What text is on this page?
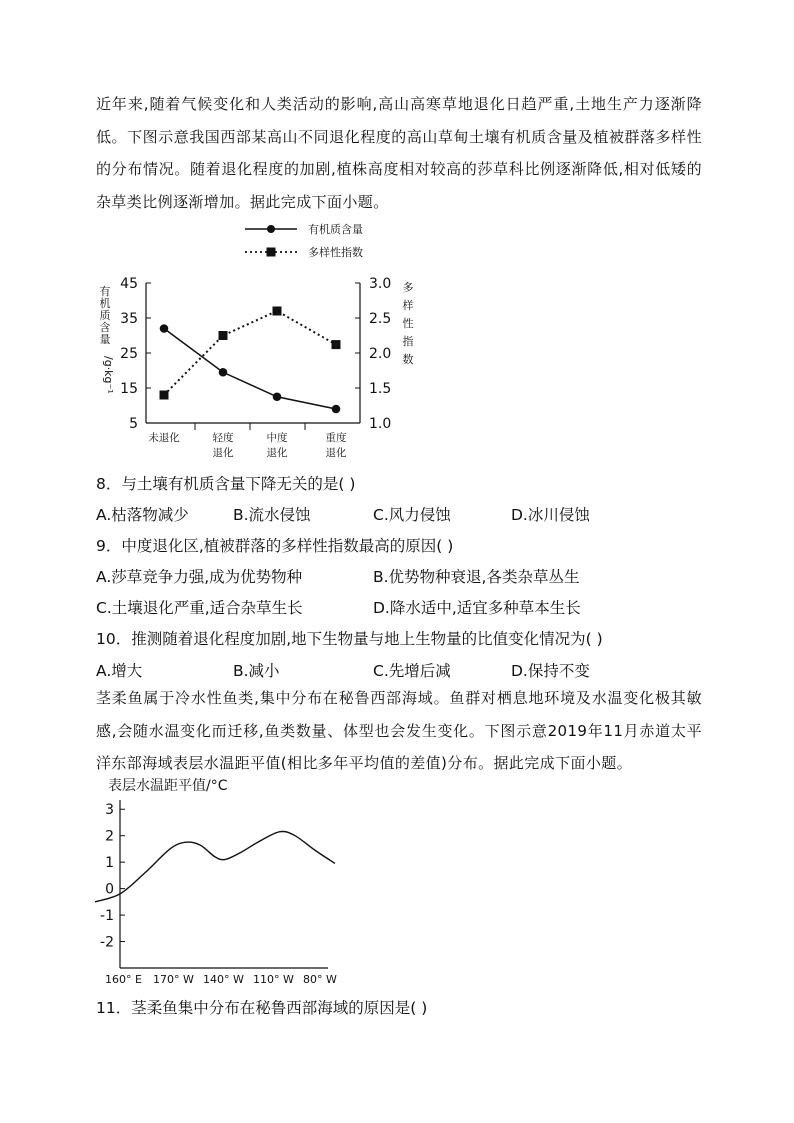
近年来,随着气候变化和人类活动的影响,高山高寒草地退化日趋严重,土地生产力逐渐降低。下图示意我国西部某高山不同退化程度的高山草甸土壤有机质含量及植被群落多样性的分布情况。随着退化程度的加剧,植株高度相对较高的莎草科比例逐渐降低,相对低矮的杂草类比例逐渐增加。据此完成下面小题。
有机质含量
多样性指数
45
35
25
15
5
3.0
2.5
2.0
1.5
1.0
未退化	轻度
退化
中度
退化
重度
退化
有
机
质
含
量
/g·kg⁻¹
多
样
性
指
数
8．与土壤有机质含量下降无关的是( )
A.枯落物减少	B.流水侵蚀	C.风力侵蚀	D.冰川侵蚀
9．中度退化区,植被群落的多样性指数最高的原因( )
A.莎草竞争力强,成为优势物种	B.优势物种衰退,各类杂草丛生
C.土壤退化严重,适合杂草生长	D.降水适中,适宜多种草本生长
10．推测随着退化程度加剧,地下生物量与地上生物量的比值变化情况为( )
A.增大	B.减小	C.先增后减	D.保持不变
茎柔鱼属于冷水性鱼类,集中分布在秘鲁西部海域。鱼群对栖息地环境及水温变化极其敏感,会随水温变化而迁移,鱼类数量、体型也会发生变化。下图示意2019年11月赤道太平洋东部海域表层水温距平值(相比多年平均值的差值)分布。据此完成下面小题。
表层水温距平值/°C
3
2
1
0
-1
-2
160° E 170° W 140° W 110° W 80° W
11．茎柔鱼集中分布在秘鲁西部海域的原因是( )
